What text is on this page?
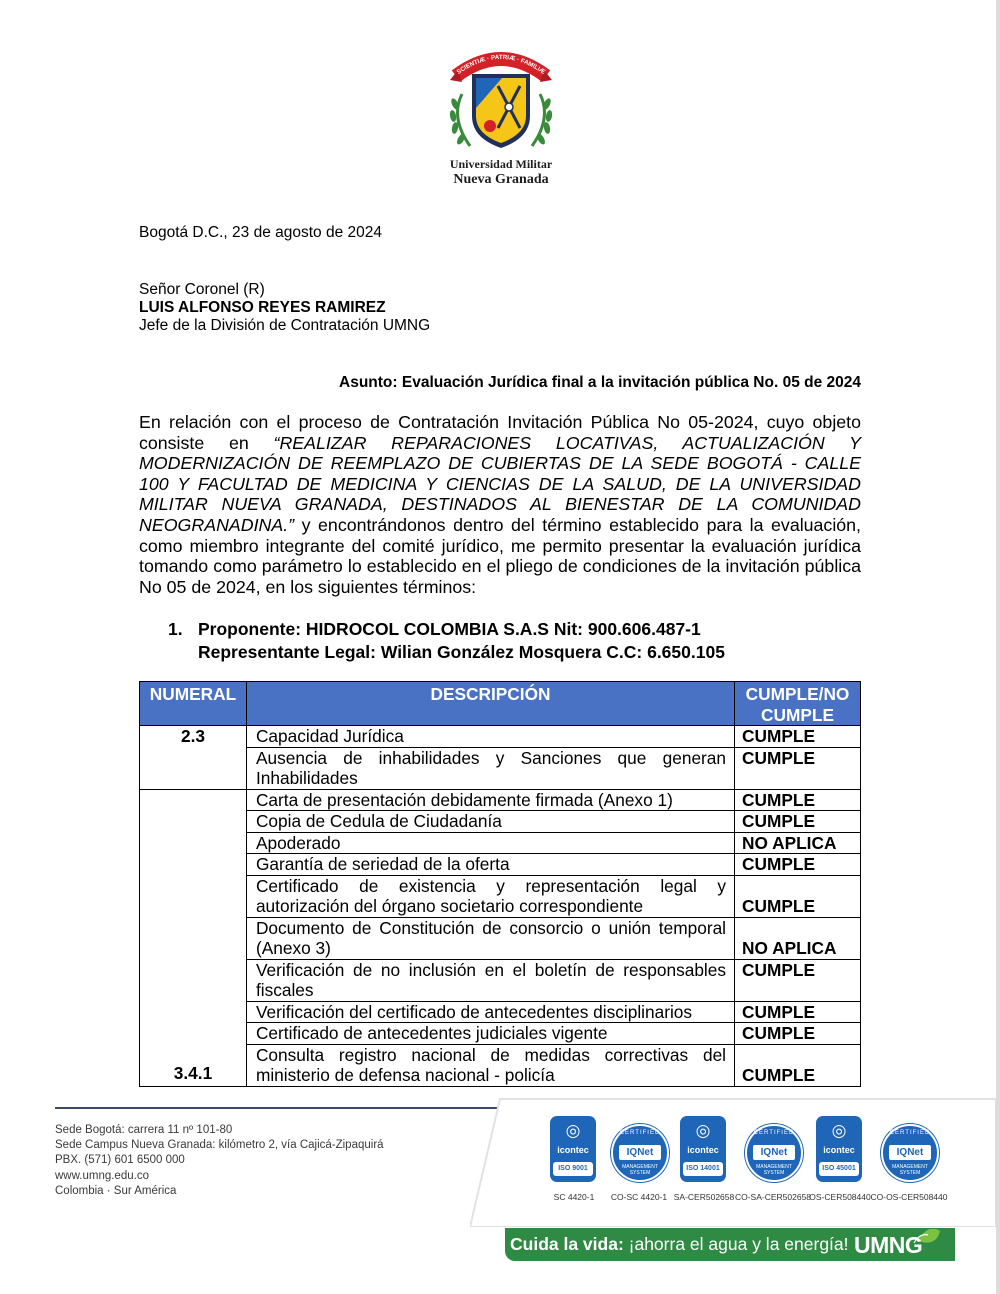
SCIENTIÆ · PATRIÆ · FAMILIÆ
Universidad Militar
Nueva Granada
Bogotá D.C., 23 de agosto de 2024
Señor Coronel (R)
LUIS ALFONSO REYES RAMIREZ
Jefe de la División de Contratación UMNG
Asunto: Evaluación Jurídica final a la invitación pública No. 05 de 2024
En relación con el proceso de Contratación Invitación Pública No 05-2024, cuyo objeto consiste en “REALIZAR REPARACIONES LOCATIVAS, ACTUALIZACIÓN Y MODERNIZACIÓN DE REEMPLAZO DE CUBIERTAS DE LA SEDE BOGOTÁ - CALLE 100 Y FACULTAD DE MEDICINA Y CIENCIAS DE LA SALUD, DE LA UNIVERSIDAD MILITAR NUEVA GRANADA, DESTINADOS AL BIENESTAR DE LA COMUNIDAD NEOGRANADINA.” y encontrándonos dentro del término establecido para la evaluación, como miembro integrante del comité jurídico, me permito presentar la evaluación jurídica tomando como parámetro lo establecido en el pliego de condiciones de la invitación pública No 05 de 2024, en los siguientes términos:
1. Proponente: HIDROCOL COLOMBIA S.A.S Nit: 900.606.487-1
Representante Legal: Wilian González Mosquera C.C: 6.650.105
NUMERAL	DESCRIPCIÓN	CUMPLE/NO CUMPLE
2.3	Capacidad Jurídica	CUMPLE
	Ausencia de inhabilidades y Sanciones que generan Inhabilidades	CUMPLE
3.4.1	Carta de presentación debidamente firmada (Anexo 1)	CUMPLE
	Copia de Cedula de Ciudadanía	CUMPLE
	Apoderado	NO APLICA
	Garantía de seriedad de la oferta	CUMPLE
	Certificado de existencia y representación legal y autorización del órgano societario correspondiente	CUMPLE
	Documento de Constitución de consorcio o unión temporal (Anexo 3)	NO APLICA
	Verificación de no inclusión en el boletín de responsables fiscales	CUMPLE
	Verificación del certificado de antecedentes disciplinarios	CUMPLE
	Certificado de antecedentes judiciales vigente	CUMPLE
	Consulta registro nacional de medidas correctivas del ministerio de defensa nacional - policía	CUMPLE
Sede Bogotá: carrera 11 nº 101-80
Sede Campus Nueva Granada: kilómetro 2, vía Cajicá-Zipaquirá
PBX. (571) 601 6500 000
www.umng.edu.co
Colombia · Sur América
◎
icontec
ISO 9001
SC 4420-1
CERTIFIED
IQNet
MANAGEMENT SYSTEM
CO-SC 4420-1
◎
icontec
ISO 14001
SA-CER502658
CERTIFIED
IQNet
MANAGEMENT SYSTEM
CO-SA-CER502658
◎
icontec
ISO 45001
OS-CER508440
CERTIFIED
IQNet
MANAGEMENT SYSTEM
CO-OS-CER508440
Cuida la vida: ¡ahorra el agua y la energía! UMNG
